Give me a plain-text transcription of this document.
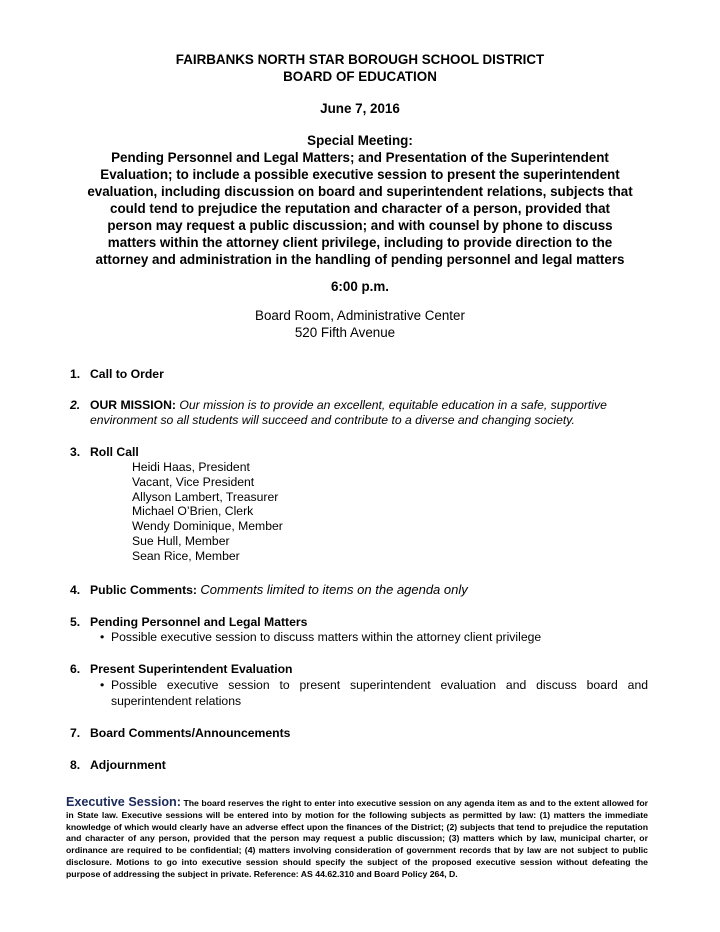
FAIRBANKS NORTH STAR BOROUGH SCHOOL DISTRICT
BOARD OF EDUCATION
June 7, 2016
Special Meeting:
Pending Personnel and Legal Matters; and Presentation of the Superintendent
Evaluation; to include a possible executive session to present the superintendent
evaluation, including discussion on board and superintendent relations, subjects that
could tend to prejudice the reputation and character of a person, provided that
person may request a public discussion; and with counsel by phone to discuss
matters within the attorney client privilege, including to provide direction to the
attorney and administration in the handling of pending personnel and legal matters
6:00 p.m.
Board Room, Administrative Center
520 Fifth Avenue
1. Call to Order
2. OUR MISSION: Our mission is to provide an excellent, equitable education in a safe, supportive
environment so all students will succeed and contribute to a diverse and changing society.
3. Roll Call
Heidi Haas, President
Vacant, Vice President
Allyson Lambert, Treasurer
Michael O’Brien, Clerk
Wendy Dominique, Member
Sue Hull, Member
Sean Rice, Member
4. Public Comments: Comments limited to items on the agenda only
5. Pending Personnel and Legal Matters
• Possible executive session to discuss matters within the attorney client privilege
6. Present Superintendent Evaluation
• Possible executive session to present superintendent evaluation and discuss board and superintendent relations
7. Board Comments/Announcements
8. Adjournment
Executive Session: The board reserves the right to enter into executive session on any agenda item as and to the extent allowed for in State law. Executive sessions will be entered into by motion for the following subjects as permitted by law: (1) matters the immediate knowledge of which would clearly have an adverse effect upon the finances of the District; (2) subjects that tend to prejudice the reputation and character of any person, provided that the person may request a public discussion; (3) matters which by law, municipal charter, or ordinance are required to be confidential; (4) matters involving consideration of government records that by law are not subject to public disclosure. Motions to go into executive session should specify the subject of the proposed executive session without defeating the purpose of addressing the subject in private. Reference: AS 44.62.310 and Board Policy 264, D.
